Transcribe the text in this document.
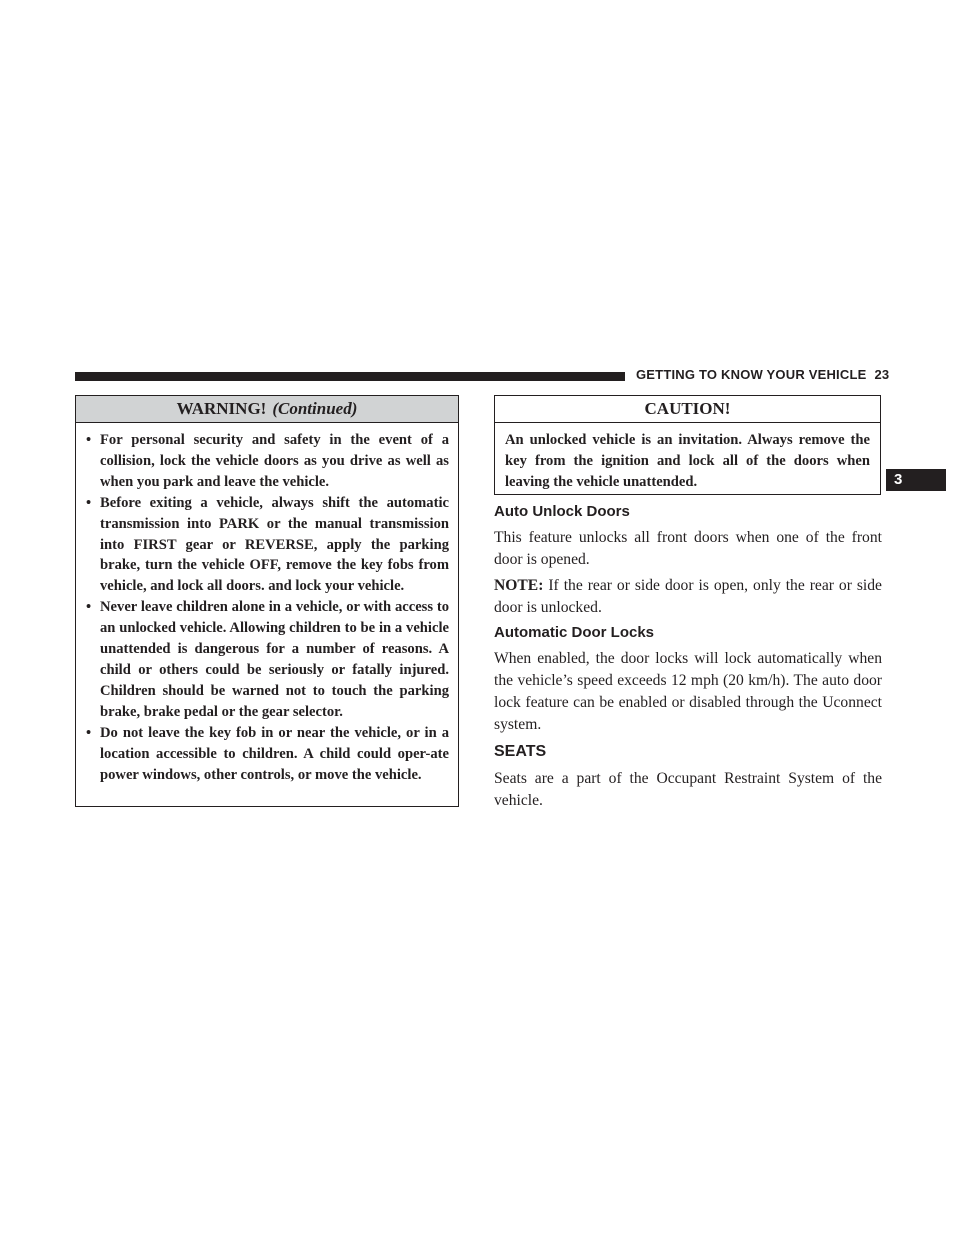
GETTING TO KNOW YOUR VEHICLE 23
WARNING! (Continued)
• For personal security and safety in the event of a collision, lock the vehicle doors as you drive as well as when you park and leave the vehicle.
• Before exiting a vehicle, always shift the automatic transmission into PARK or the manual transmission into FIRST gear or REVERSE, apply the parking brake, turn the vehicle OFF, remove the key fobs from vehicle, and lock all doors. and lock your vehicle.
• Never leave children alone in a vehicle, or with access to an unlocked vehicle. Allowing children to be in a vehicle unattended is dangerous for a number of reasons. A child or others could be seriously or fatally injured. Children should be warned not to touch the parking brake, brake pedal or the gear selector.
• Do not leave the key fob in or near the vehicle, or in a location accessible to children. A child could oper-ate power windows, other controls, or move the vehicle.
CAUTION!

An unlocked vehicle is an invitation. Always remove the key from the ignition and lock all of the doors when leaving the vehicle unattended.

Auto Unlock Doors

This feature unlocks all front doors when one of the front door is opened.

NOTE: If the rear or side door is open, only the rear or side door is unlocked.

Automatic Door Locks

When enabled, the door locks will lock automatically when the vehicle’s speed exceeds 12 mph (20 km/h). The auto door lock feature can be enabled or disabled through the Uconnect system.

SEATS

Seats are a part of the Occupant Restraint System of the vehicle.

3
